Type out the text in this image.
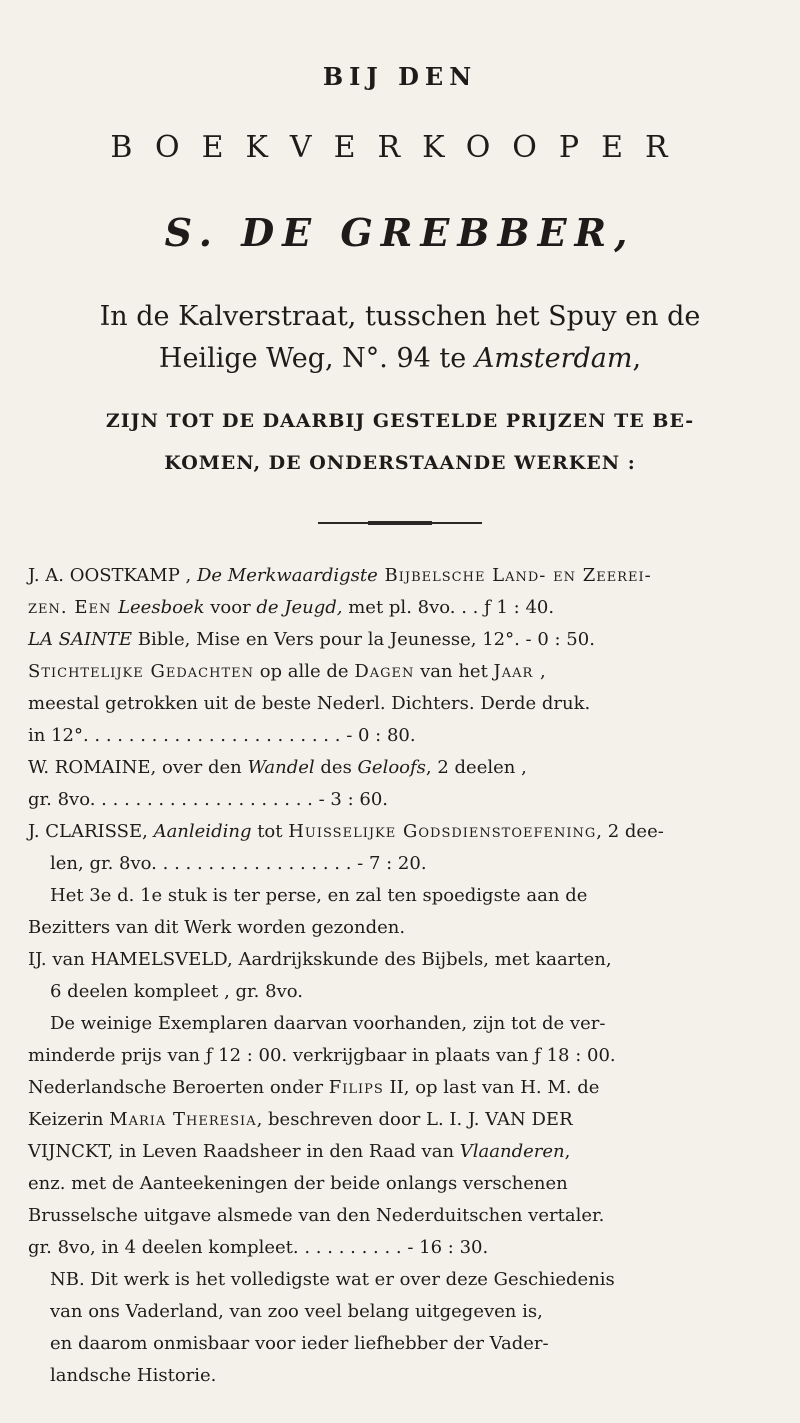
BIJ DEN
BOEKVERKOOPER
S. DE GREBBER,
In de Kalverstraat, tusschen het Spuy en de
Heilige Weg, N°. 94 te Amsterdam,
ZIJN TOT DE DAARBIJ GESTELDE PRIJZEN TE BE-
KOMEN, DE ONDERSTAANDE WERKEN :
J. A. OOSTKAMP , De Merkwaardigste Bijbelsche Land- en Zeerei-
zen. Een Leesboek voor de Jeugd, met pl. 8vo. . . ƒ 1 : 40.
LA SAINTE Bible, Mise en Vers pour la Jeunesse, 12°. - 0 : 50.
Stichtelijke Gedachten op alle de Dagen van het Jaar ,
meestal getrokken uit de beste Nederl. Dichters. Derde druk.
in 12°. . . . . . . . . . . . . . . . . . . . . . . - 0 : 80.
W. ROMAINE, over den Wandel des Geloofs, 2 deelen ,
gr. 8vo. . . . . . . . . . . . . . . . . . . . - 3 : 60.
J. CLARISSE, Aanleiding tot Huisselijke Godsdienstoefening, 2 dee-
len, gr. 8vo. . . . . . . . . . . . . . . . . . - 7 : 20.
Het 3e d. 1e stuk is ter perse, en zal ten spoedigste aan de
Bezitters van dit Werk worden gezonden.
IJ. van HAMELSVELD, Aardrijkskunde des Bijbels, met kaarten,
6 deelen kompleet , gr. 8vo.
De weinige Exemplaren daarvan voorhanden, zijn tot de ver-
minderde prijs van ƒ 12 : 00. verkrijgbaar in plaats van ƒ 18 : 00.
Nederlandsche Beroerten onder Filips II, op last van H. M. de
Keizerin Maria Theresia, beschreven door L. I. J. VAN DER
VIJNCKT, in Leven Raadsheer in den Raad van Vlaanderen,
enz. met de Aanteekeningen der beide onlangs verschenen
Brusselsche uitgave alsmede van den Nederduitschen vertaler.
gr. 8vo, in 4 deelen kompleet. . . . . . . . . . - 16 : 30.
NB. Dit werk is het volledigste wat er over deze Geschiedenis
van ons Vaderland, van zoo veel belang uitgegeven is,
en daarom onmisbaar voor ieder liefhebber der Vader-
landsche Historie.
